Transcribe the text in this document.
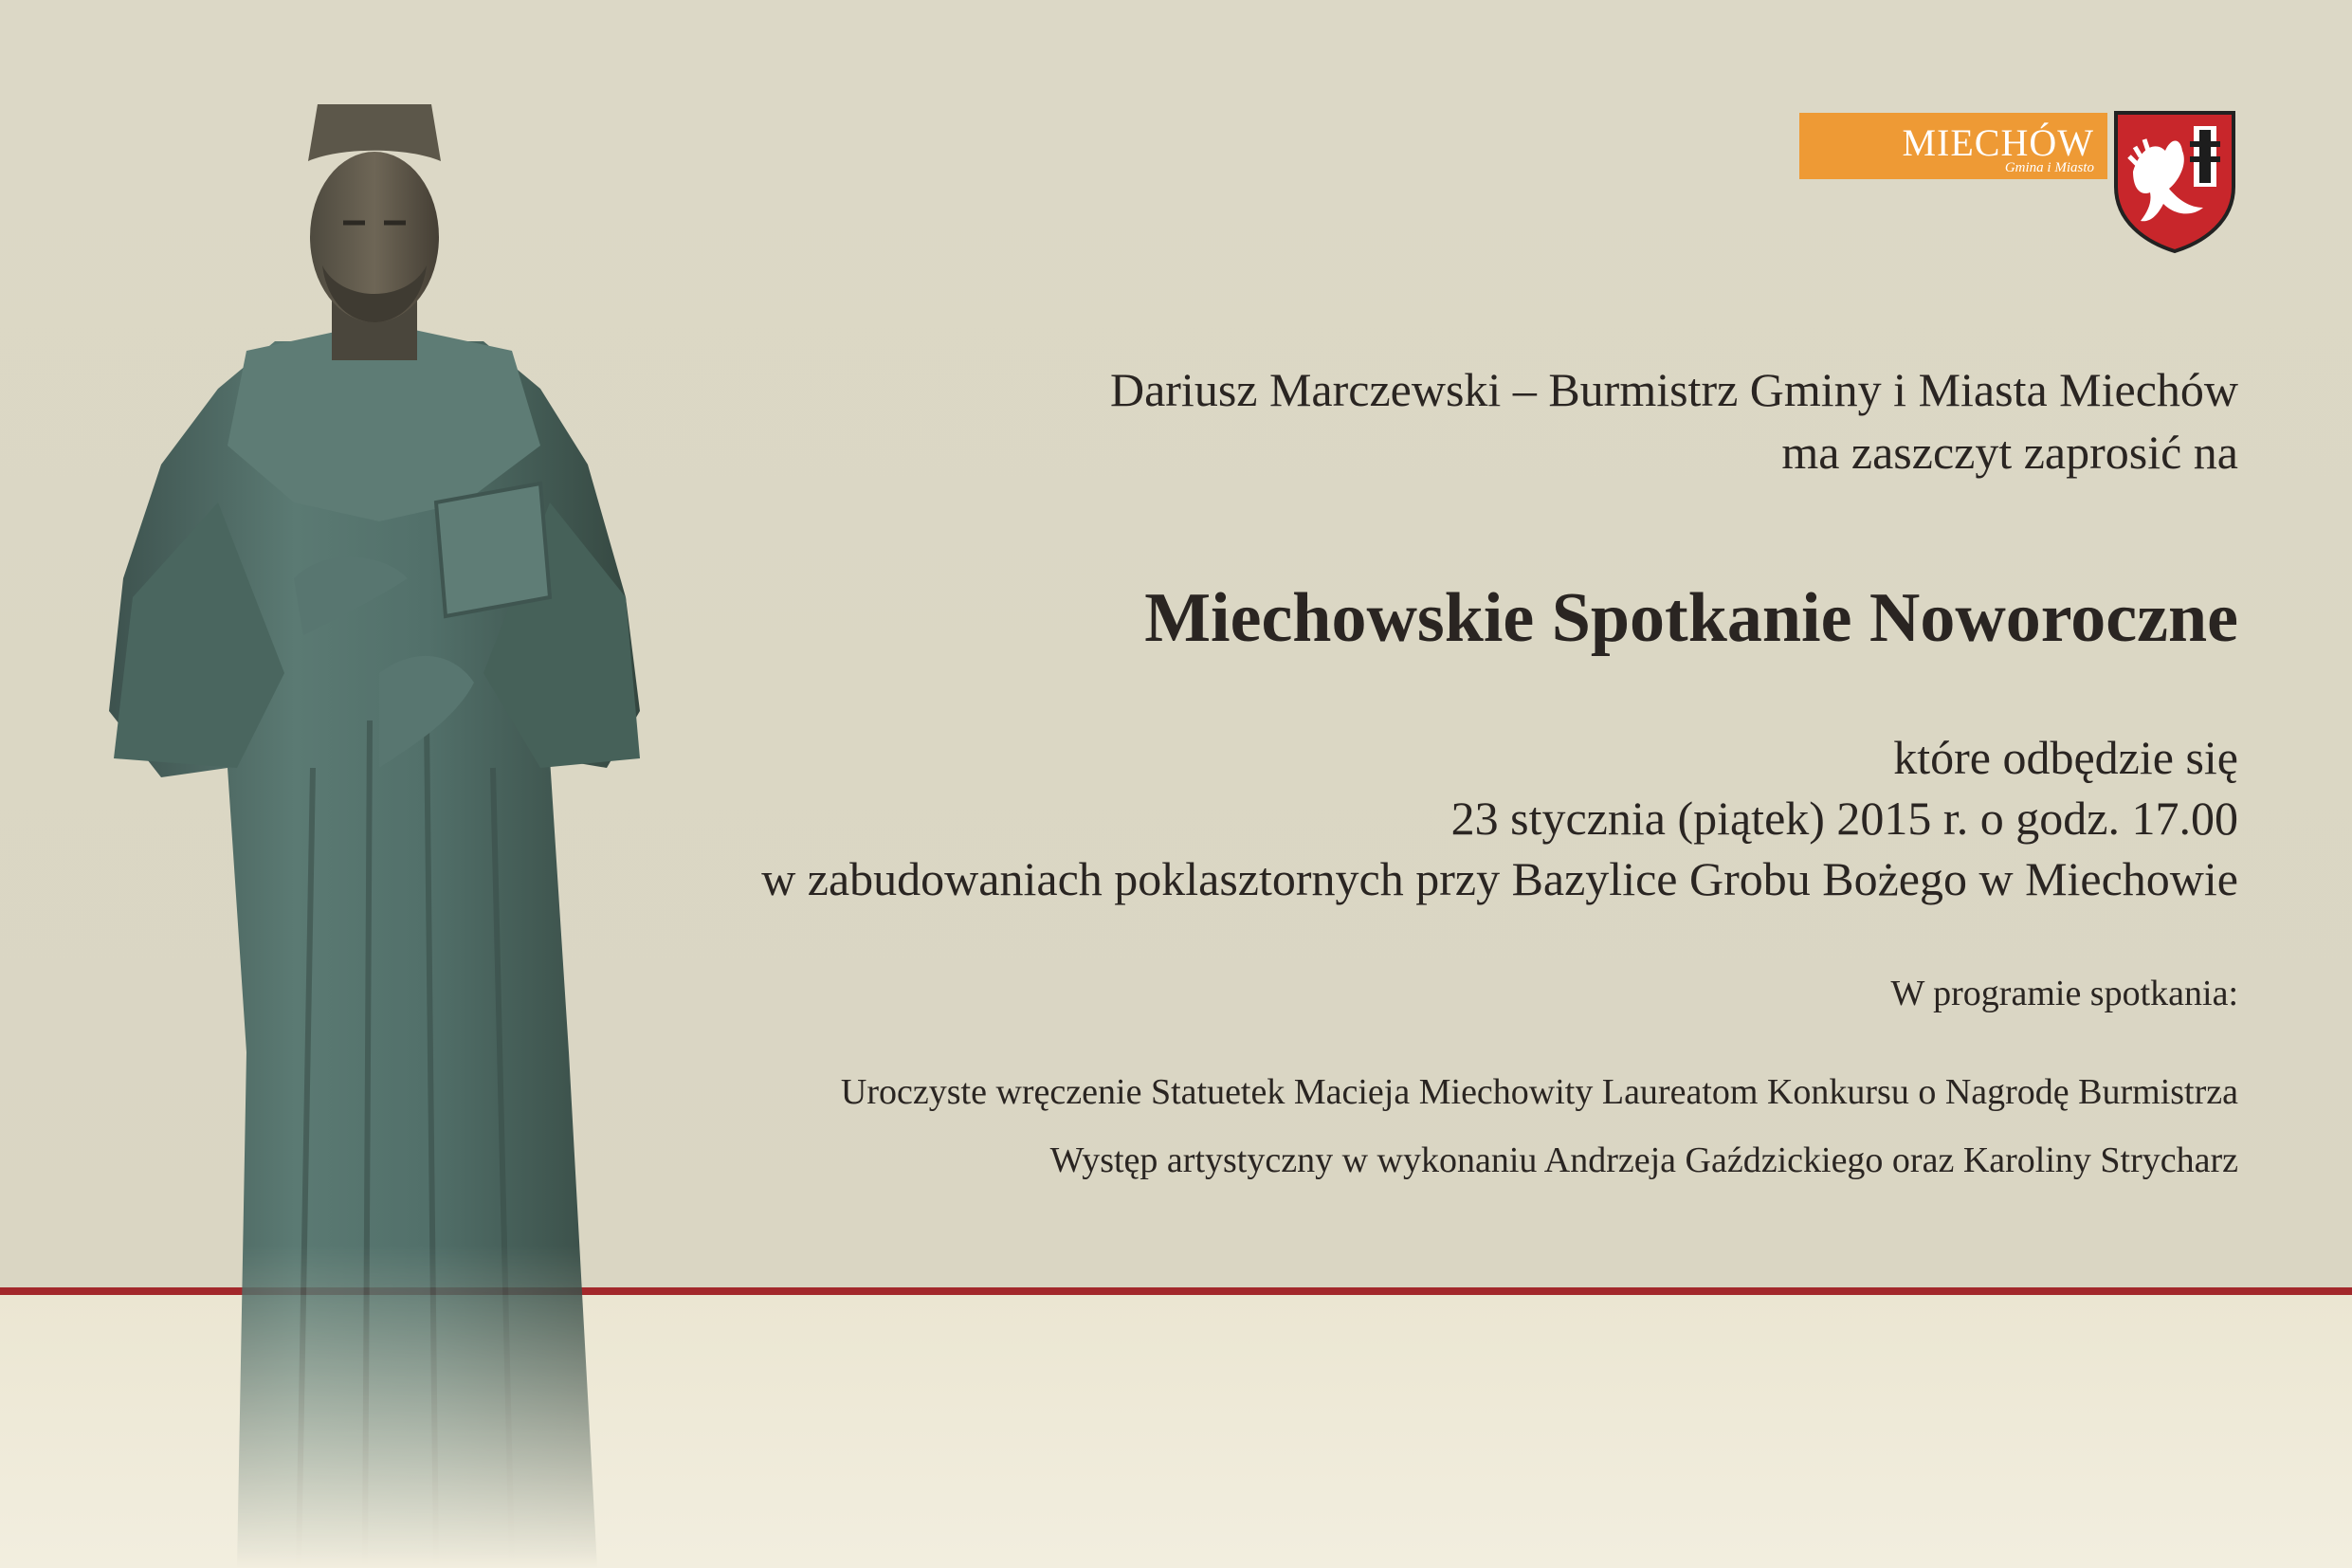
MIECHÓW
Gmina i Miasto
Dariusz Marczewski – Burmistrz Gminy i Miasta Miechów
ma zaszczyt zaprosić na
Miechowskie Spotkanie Noworoczne
które odbędzie się
23 stycznia (piątek) 2015 r. o godz. 17.00
w zabudowaniach poklasztornych przy Bazylice Grobu Bożego w Miechowie
W programie spotkania:
Uroczyste wręczenie Statuetek Macieja Miechowity Laureatom Konkursu o Nagrodę Burmistrza
Występ artystyczny w wykonaniu Andrzeja Gaździckiego oraz Karoliny Strycharz
